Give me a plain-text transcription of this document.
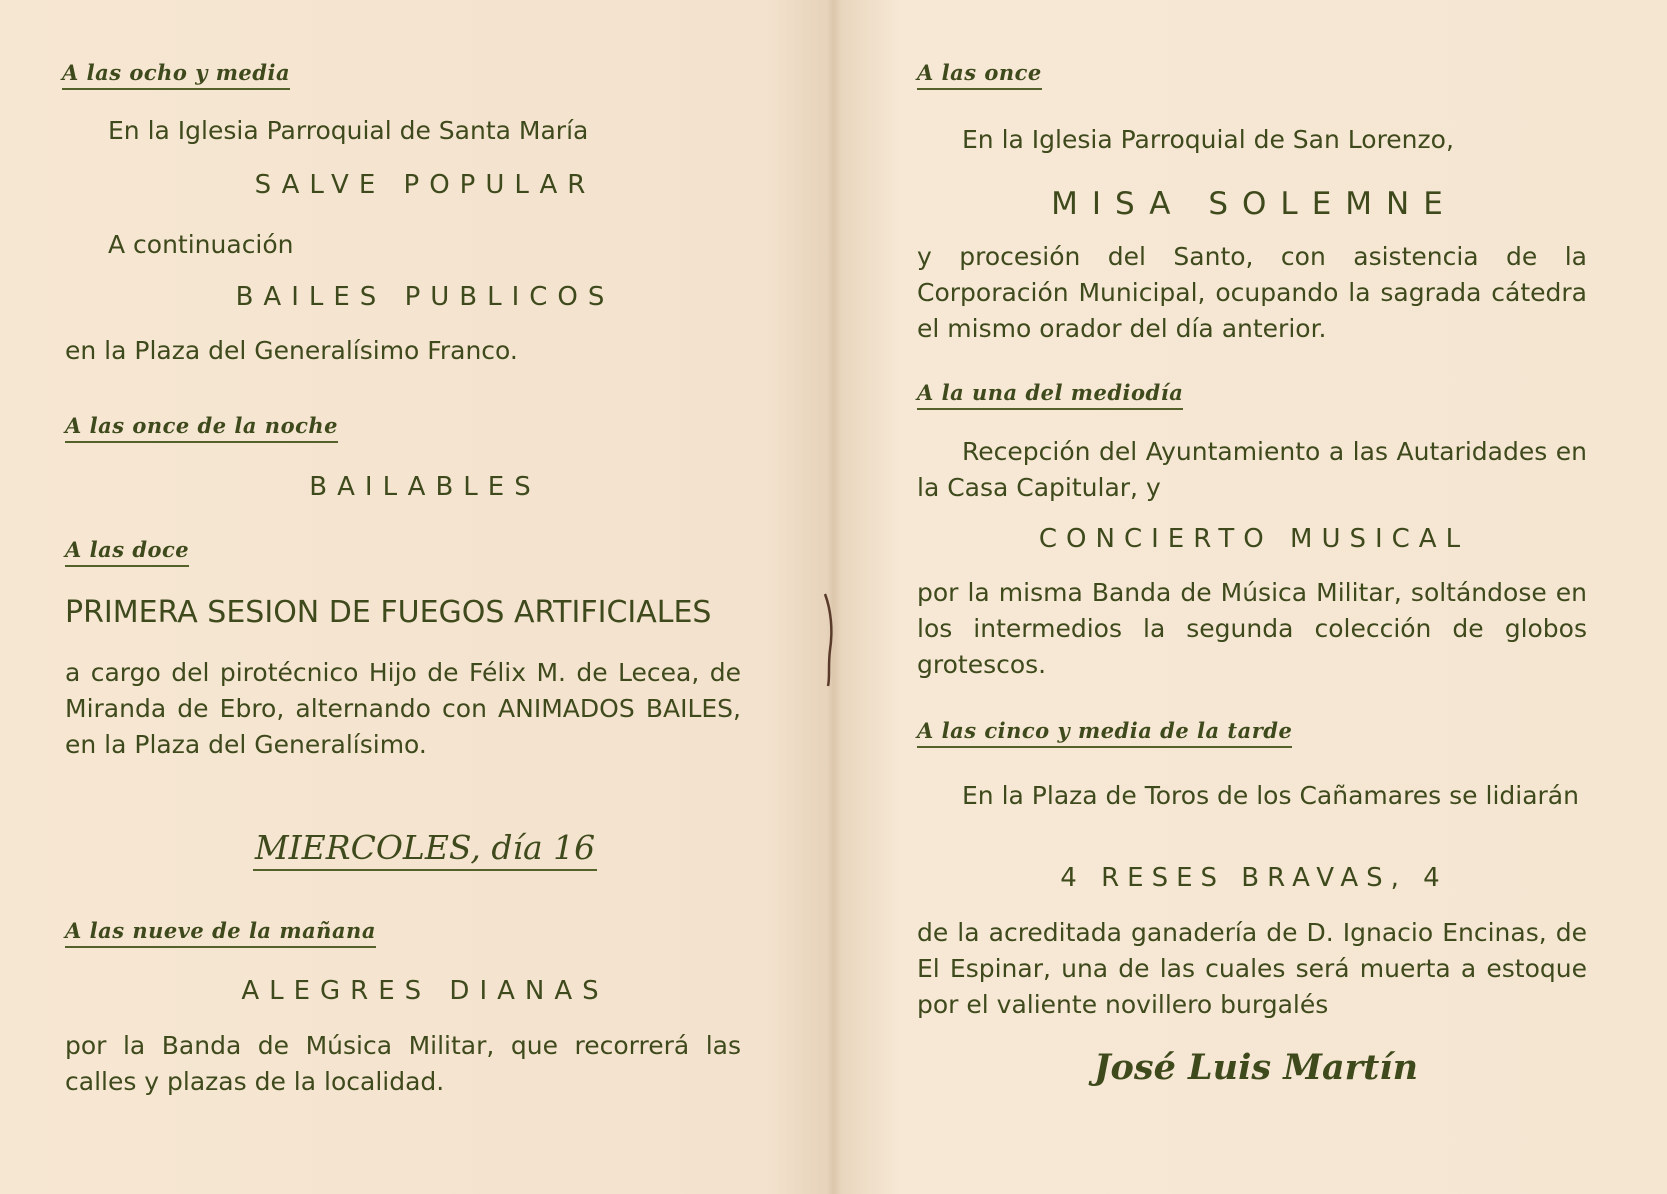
A las ocho y media
En la Iglesia Parroquial de Santa María
SALVE POPULAR
A continuación
BAILES PUBLICOS
en la Plaza del Generalísimo Franco.
A las once de la noche
BAILABLES
A las doce
PRIMERA SESION DE FUEGOS ARTIFICIALES

a cargo del pirotécnico Hijo de Félix M. de Lecea, de Miranda de Ebro, alternando con ANIMADOS BAILES, en la Plaza del Generalísimo.

MIERCOLES, día 16
A las nueve de la mañana
ALEGRES DIANAS

por la Banda de Música Militar, que recorrerá las calles y plazas de la localidad.

A las once
En la Iglesia Parroquial de San Lorenzo,
MISA SOLEMNE

y procesión del Santo, con asistencia de la Corporación Municipal, ocupando la sagrada cátedra el mismo orador del día anterior.

A la una del mediodía

Recepción del Ayuntamiento a las Autaridades en la Casa Capitular, y

CONCIERTO MUSICAL

por la misma Banda de Música Militar, soltándose en los intermedios la segunda colección de globos grotescos.

A las cinco y media de la tarde

En la Plaza de Toros de los Cañamares se lidiarán

4 RESES BRAVAS, 4

de la acreditada ganadería de D. Ignacio Encinas, de El Espinar, una de las cuales será muerta a estoque por el valiente novillero burgalés

José Luis Martín
